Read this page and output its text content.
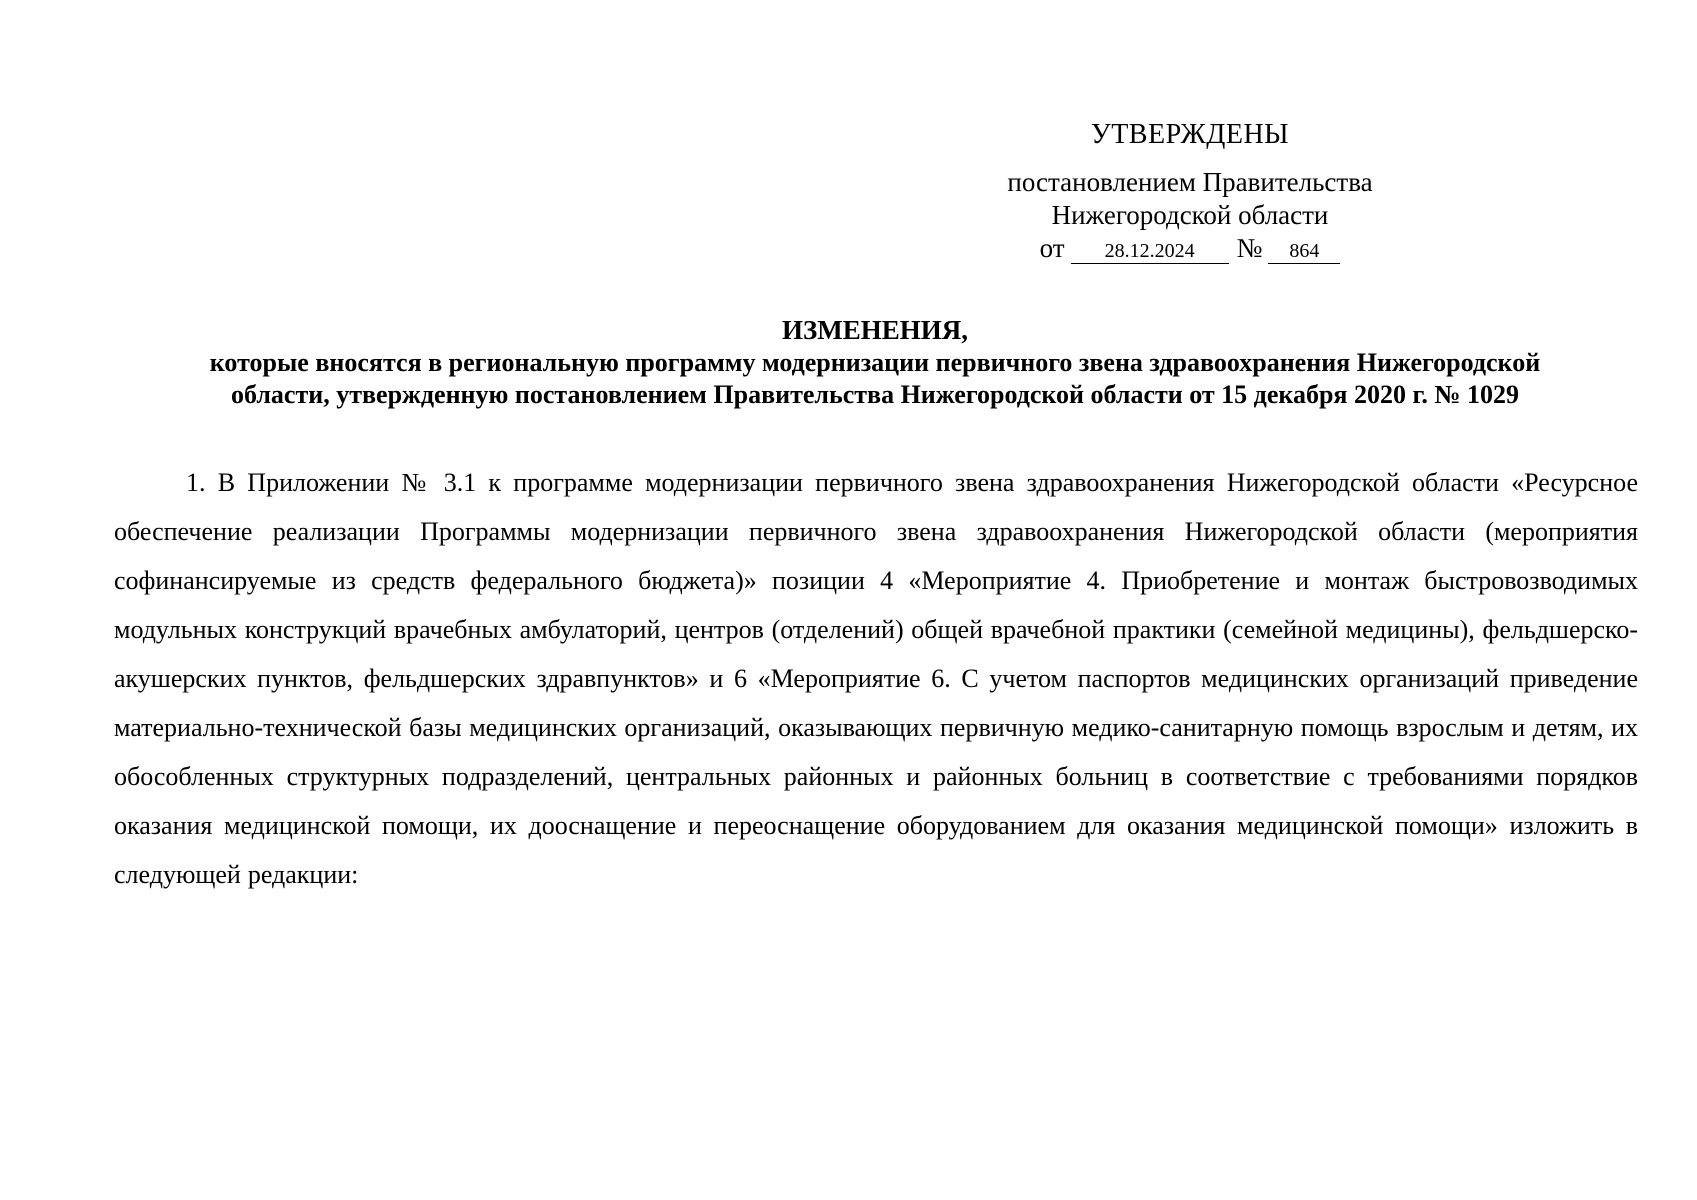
УТВЕРЖДЕНЫ
постановлением Правительства
Нижегородской области
от 28.12.2024 № 864
ИЗМЕНЕНИЯ,
которые вносятся в региональную программу модернизации первичного звена здравоохранения Нижегородской
области, утвержденную постановлением Правительства Нижегородской области от 15 декабря 2020 г. № 1029

1. В Приложении № 3.1 к программе модернизации первичного звена здравоохранения Нижегородской области «Ресурсное обеспечение реализации Программы модернизации первичного звена здравоохранения Нижегородской области (мероприятия софинансируемые из средств федерального бюджета)» позиции 4 «Мероприятие 4. Приобретение и монтаж быстровозводимых модульных конструкций врачебных амбулаторий, центров (отделений) общей врачебной практики (семейной медицины), фельдшерско-акушерских пунктов, фельдшерских здравпунктов» и 6 «Мероприятие 6. С учетом паспортов медицинских организаций приведение материально-технической базы медицинских организаций, оказывающих первичную медико-санитарную помощь взрослым и детям, их обособленных структурных подразделений, центральных районных и районных больниц в соответствие с требованиями порядков оказания медицинской помощи, их дооснащение и переоснащение оборудованием для оказания медицинской помощи» изложить в следующей редакции:
